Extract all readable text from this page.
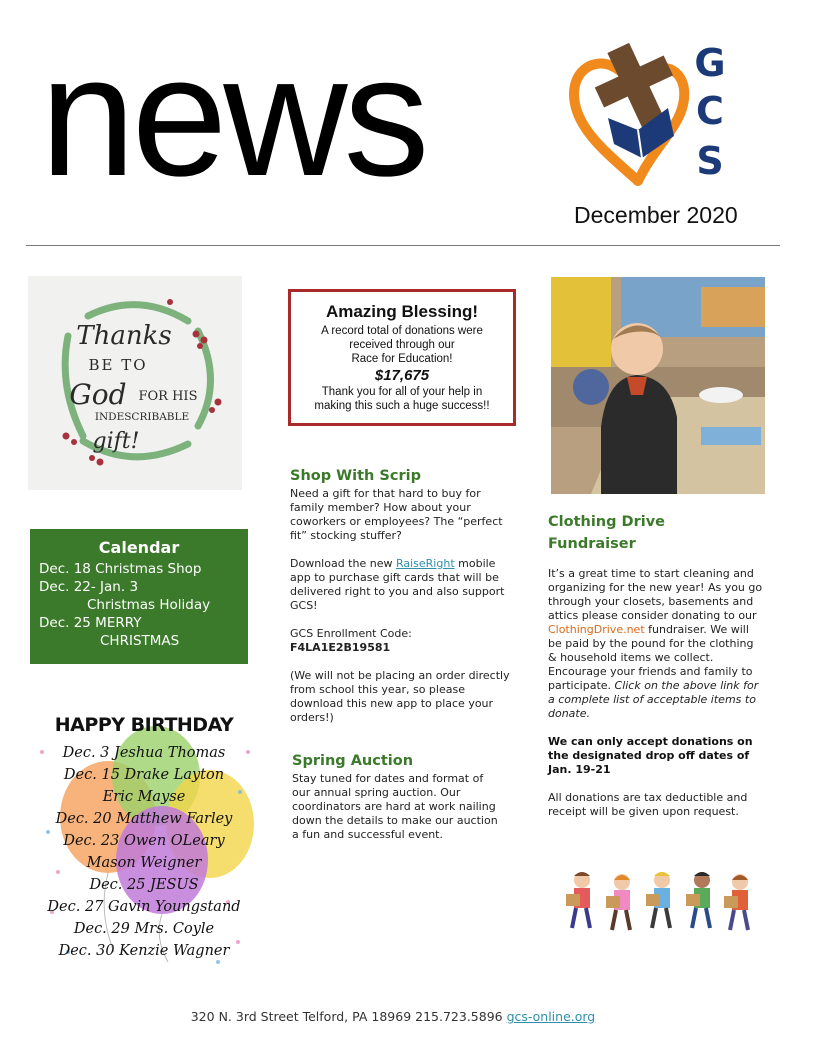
news	G
C
S
December 2020
Thanks
BE TO
God FOR HIS
INDESCRIBABLE
gift!
Calendar
Dec. 18 Christmas Shop
Dec. 22- Jan. 3
Christmas Holiday
Dec. 25 MERRY
CHRISTMAS
HAPPY BIRTHDAY
Dec. 3 Jeshua Thomas
Dec. 15 Drake Layton
Eric Mayse
Dec. 20 Matthew Farley
Dec. 23 Owen OLeary
Mason Weigner
Dec. 25 JESUS
Dec. 27 Gavin Youngstand
Dec. 29 Mrs. Coyle
Dec. 30 Kenzie Wagner
Amazing Blessing!
A record total of donations were
received through our
Race for Education!
$17,675
Thank you for all of your help in
making this such a huge success!!
Shop With Scrip

Need a gift for that hard to buy for family member? How about your coworkers or employees? The “perfect fit” stocking stuffer?

Download the new RaiseRight mobile app to purchase gift cards that will be delivered right to you and also support GCS!

GCS Enrollment Code:

F4LA1E2B19581

(We will not be placing an order directly from school this year, so please download this new app to place your orders!)

Spring Auction
Stay tuned for dates and format of our annual spring auction. Our coordinators are hard at work nailing down the details to make our auction a fun and successful event.
Clothing Drive
Fundraiser

It’s a great time to start cleaning and organizing for the new year! As you go through your closets, basements and attics please consider donating to our ClothingDrive.net fundraiser. We will be paid by the pound for the clothing & household items we collect. Encourage your friends and family to participate. Click on the above link for a complete list of acceptable items to donate.

We can only accept donations on the designated drop off dates of Jan. 19-21

All donations are tax deductible and receipt will be given upon request.

320 N. 3rd Street Telford, PA 18969 215.723.5896 gcs-online.org
